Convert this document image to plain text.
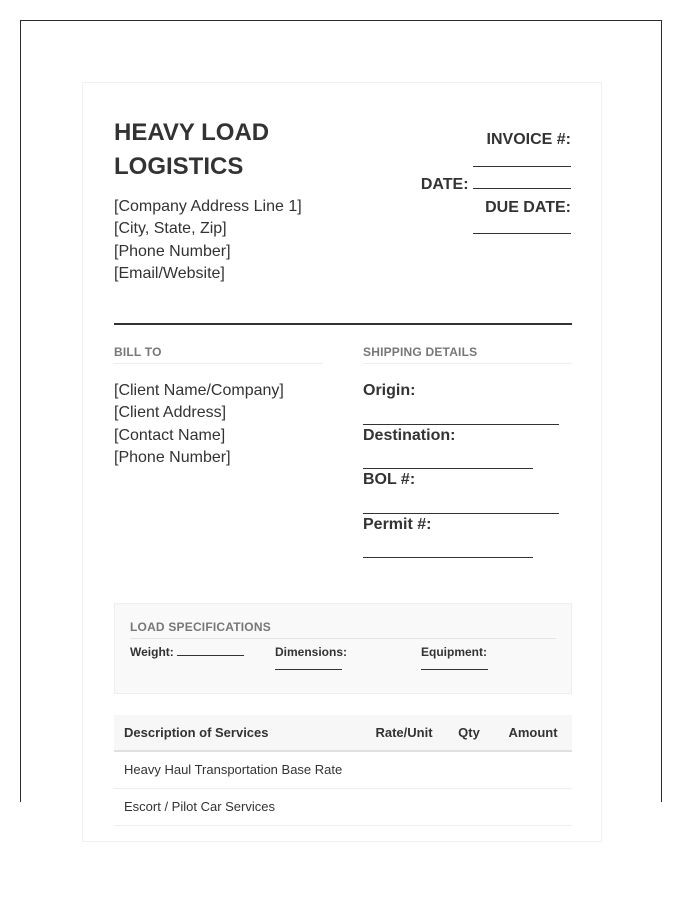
HEAVY LOAD LOGISTICS
[Company Address Line 1]
[City, State, Zip]
[Phone Number]
[Email/Website]
INVOICE #:
DATE:
DUE DATE:
BILL TO
[Client Name/Company]
[Client Address]
[Contact Name]
[Phone Number]
SHIPPING DETAILS
Origin:
Destination:
BOL #:
Permit #:
LOAD SPECIFICATIONS
Weight:	Dimensions:	Equipment:
Description of Services	Rate/Unit	Qty	Amount
Heavy Haul Transportation Base Rate			
Escort / Pilot Car Services			
